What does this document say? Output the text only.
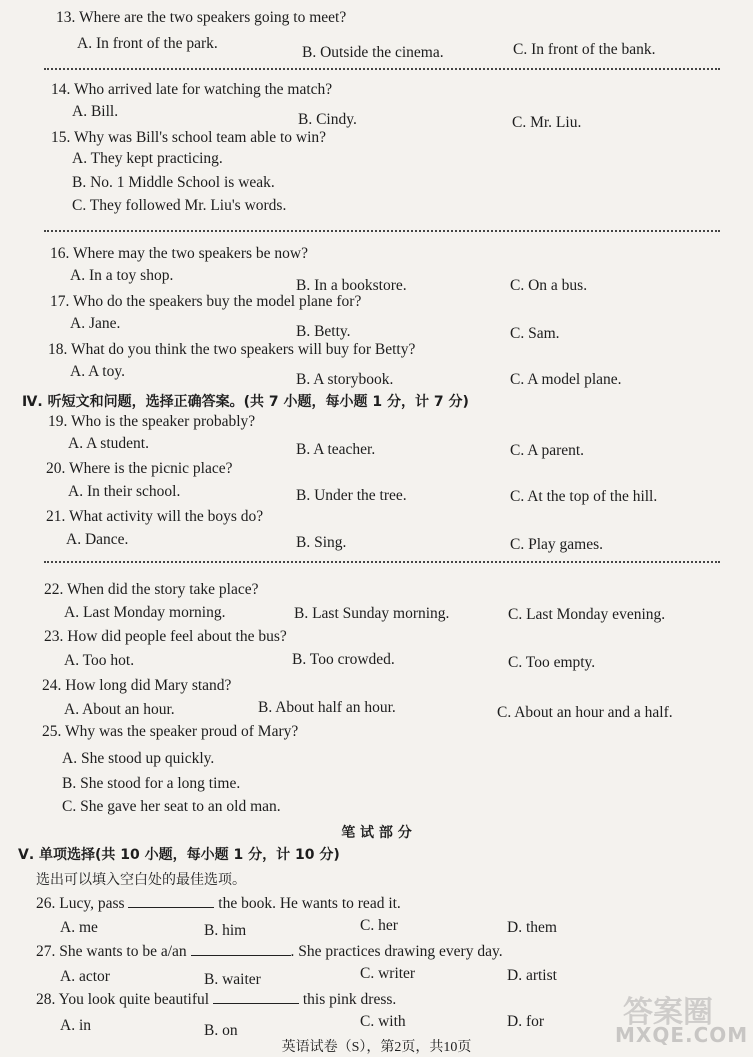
13. Where are the two speakers going to meet?
A. In front of the park.
B. Outside the cinema.	C. In front of the bank.
14. Who arrived late for watching the match?
A. Bill.	B. Cindy.	C. Mr. Liu.
15. Why was Bill's school team able to win?
A. They kept practicing.
B. No. 1 Middle School is weak.
C. They followed Mr. Liu's words.
16. Where may the two speakers be now?
A. In a toy shop.
B. In a bookstore.	C. On a bus.
17. Who do the speakers buy the model plane for?
A. Jane.	B. Betty.	C. Sam.
18. What do you think the two speakers will buy for Betty?
A. A toy.	B. A storybook.	C. A model plane.
Ⅳ. 听短文和问题，选择正确答案。(共 7 小题，每小题 1 分，计 7 分)
19. Who is the speaker probably?
A. A student.	B. A teacher.	C. A parent.
20. Where is the picnic place?
A. In their school.	B. Under the tree.	C. At the top of the hill.
21. What activity will the boys do?
A. Dance.	B. Sing.	C. Play games.
22. When did the story take place?
A. Last Monday morning.	B. Last Sunday morning.	C. Last Monday evening.
23. How did people feel about the bus?
A. Too hot.	B. Too crowded.	C. Too empty.
24. How long did Mary stand?
A. About an hour.	B. About half an hour.	C. About an hour and a half.
25. Why was the speaker proud of Mary?
A. She stood up quickly.
B. She stood for a long time.
C. She gave her seat to an old man.
笔 试 部 分
Ⅴ. 单项选择(共 10 小题，每小题 1 分，计 10 分)
选出可以填入空白处的最佳选项。
26. Lucy, pass	the book. He wants to read it.
A. me	B. him	C. her	D. them
27. She wants to be a/an	. She practices drawing every day.
A. actor	B. waiter	C. writer	D. artist
28. You look quite beautiful	this pink dress.
A. in	B. on
C. with	D. for
英语试卷（S），第2页，共10页
答案圈
MXQE.COM
